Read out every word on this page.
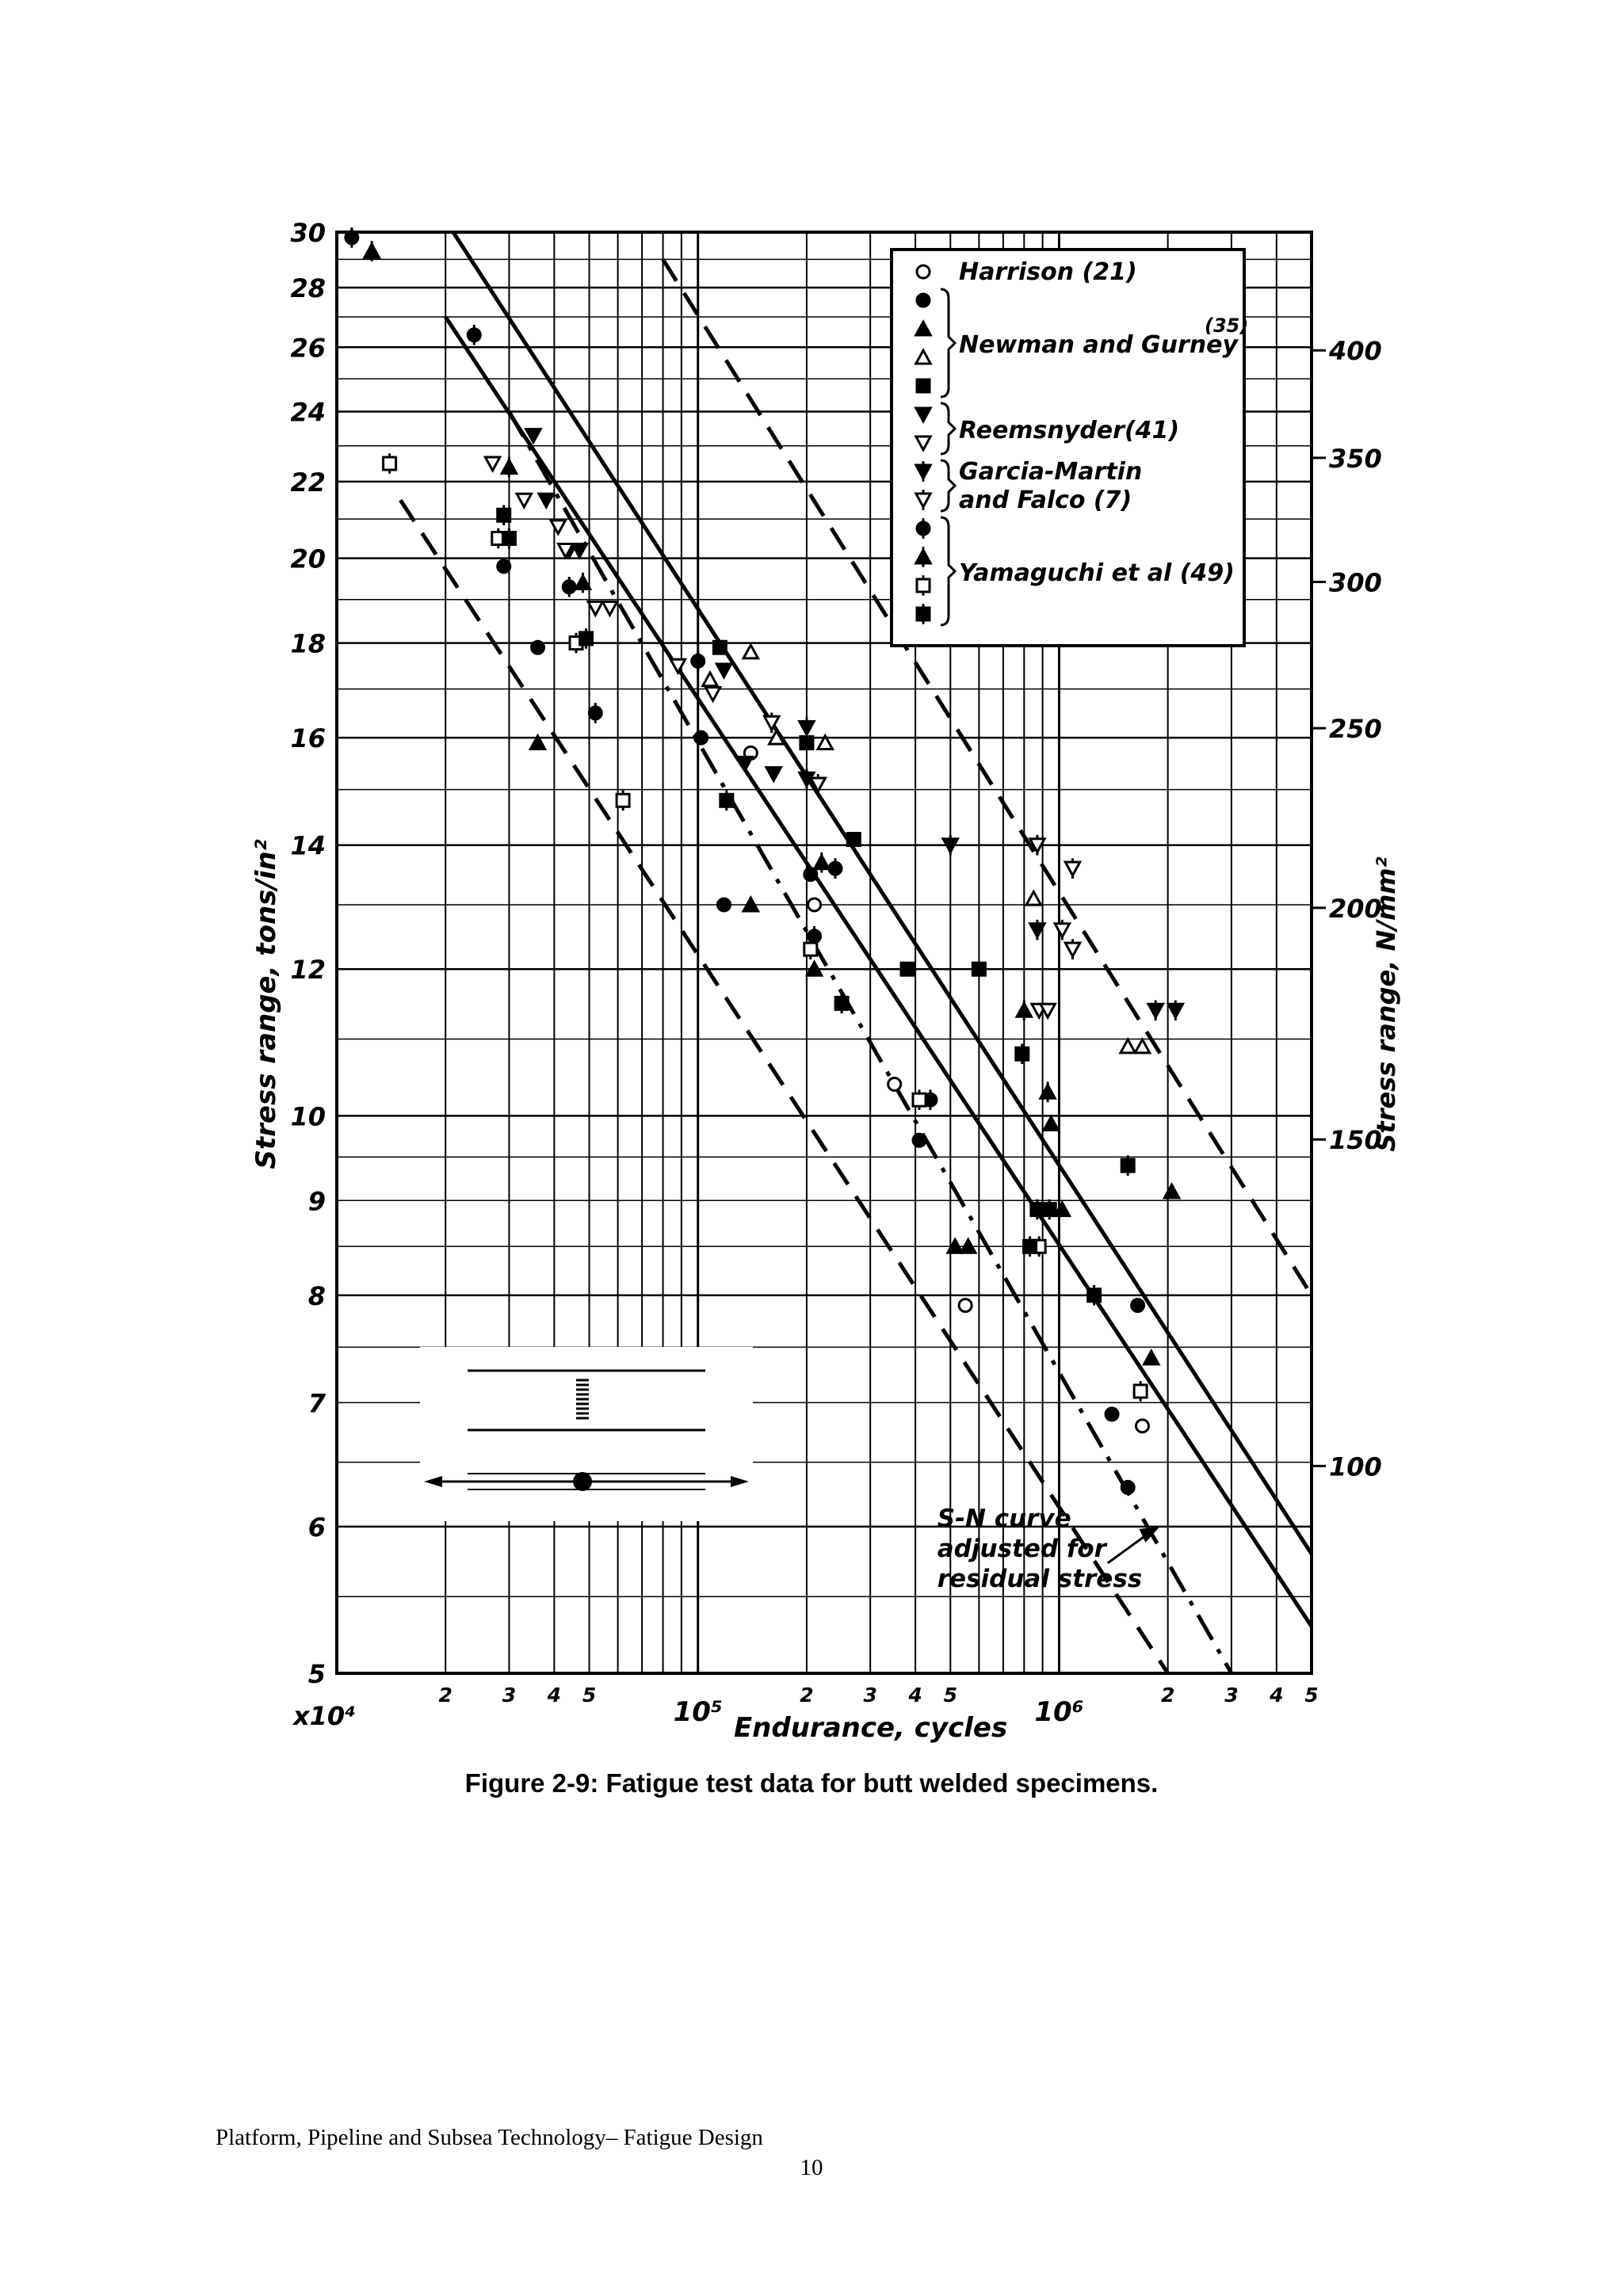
S-N curve
adjusted for
residual stress
Harrison (21)
Newman and Gurney
(35)
Reemsnyder(41)
Garcia-Martin
and Falco (7)
Yamaguchi et al (49)
30
28
26
24
22
20
18
16
14
12
10
9
8
7
6
5
400
350
300
250
200
150
100
2	3 4 5	2	3 4 5	2	3 4 5
10⁵	10⁶
x10⁴	Endurance, cycles
Stress range, tons/in²	Stress range, N/mm²
Figure 2-9: Fatigue test data for butt welded specimens.
Platform, Pipeline and Subsea Technology– Fatigue Design
10
